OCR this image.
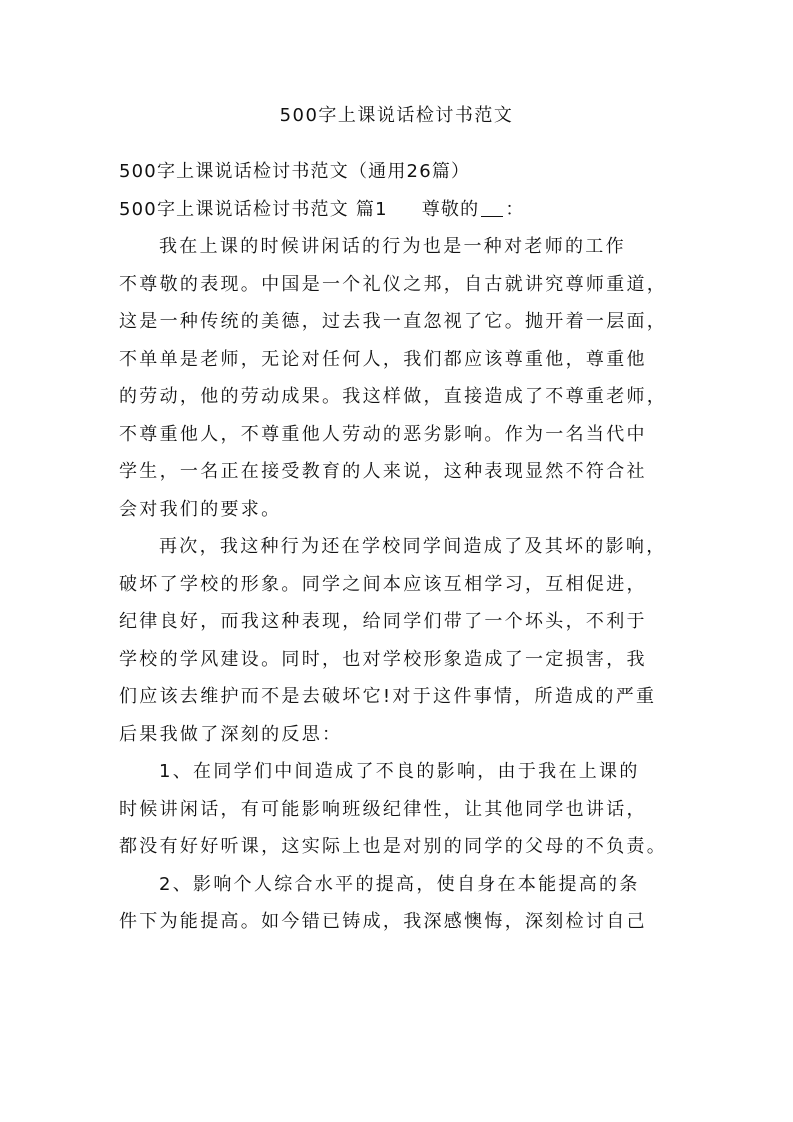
500字上课说话检讨书范文
500字上课说话检讨书范文（通用26篇）
500字上课说话检讨书范文 篇1 尊敬的 ：
我在上课的时候讲闲话的行为也是一种对老师的工作
不尊敬的表现。中国是一个礼仪之邦，自古就讲究尊师重道，
这是一种传统的美德，过去我一直忽视了它。抛开着一层面，
不单单是老师，无论对任何人，我们都应该尊重他，尊重他
的劳动，他的劳动成果。我这样做，直接造成了不尊重老师，
不尊重他人，不尊重他人劳动的恶劣影响。作为一名当代中
学生，一名正在接受教育的人来说，这种表现显然不符合社
会对我们的要求。
再次，我这种行为还在学校同学间造成了及其坏的影响，
破坏了学校的形象。同学之间本应该互相学习，互相促进，
纪律良好，而我这种表现，给同学们带了一个坏头，不利于
学校的学风建设。同时，也对学校形象造成了一定损害，我
们应该去维护而不是去破坏它!对于这件事情，所造成的严重
后果我做了深刻的反思：
1、在同学们中间造成了不良的影响，由于我在上课的
时候讲闲话，有可能影响班级纪律性，让其他同学也讲话，
都没有好好听课，这实际上也是对别的同学的父母的不负责。
2、影响个人综合水平的提高，使自身在本能提高的条
件下为能提高。如今错已铸成，我深感懊悔，深刻检讨自己
